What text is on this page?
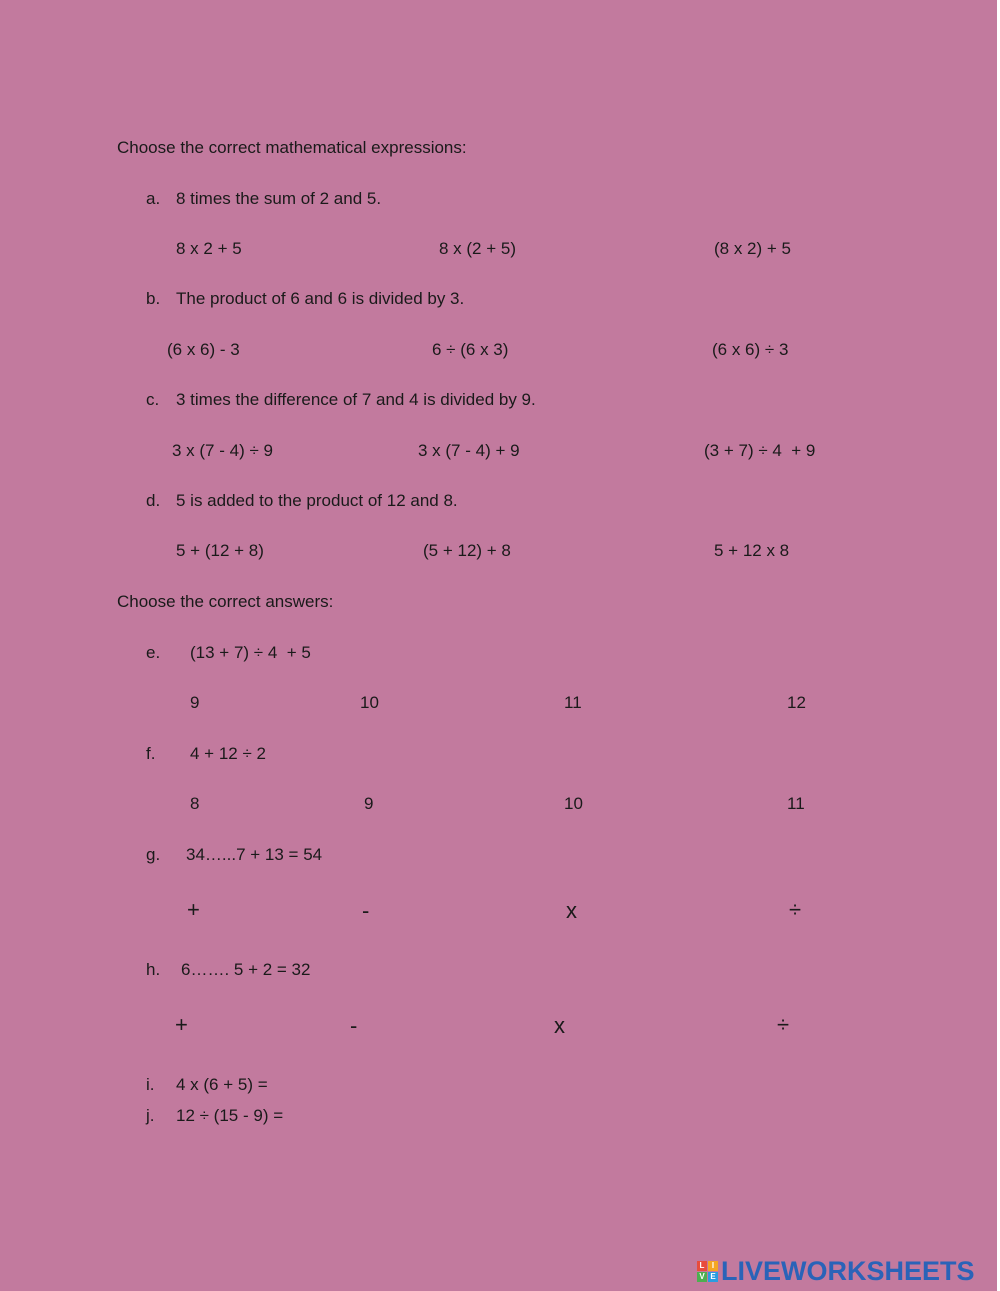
Choose the correct mathematical expressions:
a. 8 times the sum of 2 and 5.
8 x 2 + 5	8 x (2 + 5)	(8 x 2) + 5
b. The product of 6 and 6 is divided by 3.
(6 x 6) - 3	6 ÷ (6 x 3)	(6 x 6) ÷ 3
c. 3 times the difference of 7 and 4 is divided by 9.
3 x (7 - 4) ÷ 9	3 x (7 - 4) + 9	(3 + 7) ÷ 4  + 9
d. 5 is added to the product of 12 and 8.
5 + (12 + 8)	(5 + 12) + 8	5 + 12 x 8
Choose the correct answers:
e. (13 + 7) ÷ 4  + 5
9	10	11	12
f. 4 + 12 ÷ 2
8	9	10	11
g. 34…...7 + 13 = 54
+	-	x	÷
h. 6……. 5 + 2 = 32
+	-	x	÷
i. 4 x (6 + 5) =
j. 12 ÷ (15 - 9) =
L I
V E LIVEWORKSHEETS
